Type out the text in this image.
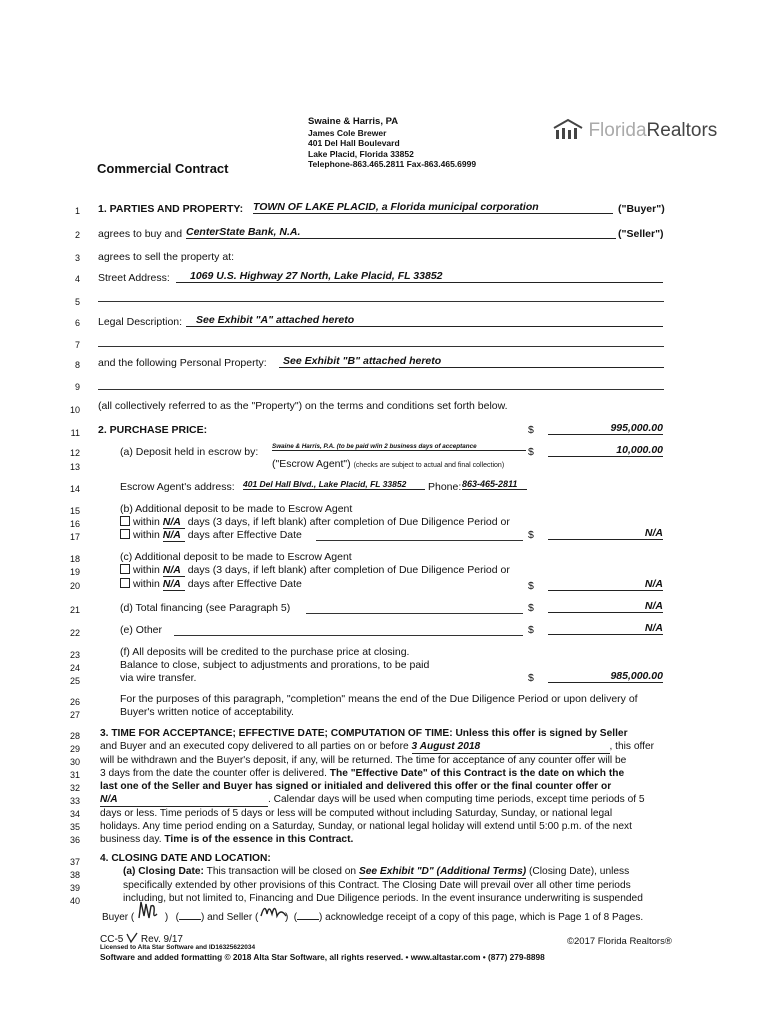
Swaine & Harris, PA
James Cole Brewer
401 Del Hall Boulevard
Lake Placid, Florida 33852
Telephone-863.465.2811 Fax-863.465.6999
FloridaRealtors
Commercial Contract
1
2
3
4
5
6
7
8
9
10
11
12
13
14
15
16
17
18
19
20
21
22
23
24
25
26
27
28
29
30
31
32
33
34
35
36
37
38
39
40
1. PARTIES AND PROPERTY: TOWN OF LAKE PLACID, a Florida municipal corporation	("Buyer")
agrees to buy and CenterState Bank, N.A.	("Seller")
agrees to sell the property at:
Street Address:	1069 U.S. Highway 27 North, Lake Placid, FL 33852
Legal Description:	See Exhibit "A" attached hereto
and the following Personal Property:	See Exhibit "B" attached hereto
(all collectively referred to as the "Property") on the terms and conditions set forth below.
2. PURCHASE PRICE:	$	995,000.00
(a) Deposit held in escrow by: Swaine & Harris, P.A. (to be paid w/in 2 business days of acceptance	$	10,000.00
("Escrow Agent") (checks are subject to actual and final collection)
Escrow Agent's address: 401 Del Hall Blvd., Lake Placid, FL 33852	Phone: 863-465-2811
(b) Additional deposit to be made to Escrow Agent
within N/A days (3 days, if left blank) after completion of Due Diligence Period or
within N/A days after Effective Date	$	N/A
(c) Additional deposit to be made to Escrow Agent
within N/A days (3 days, if left blank) after completion of Due Diligence Period or
within N/A days after Effective Date	$	N/A
(d) Total financing (see Paragraph 5)	$	N/A
(e) Other	$	N/A
(f) All deposits will be credited to the purchase price at closing.
Balance to close, subject to adjustments and prorations, to be paid
via wire transfer.	$	985,000.00
For the purposes of this paragraph, "completion" means the end of the Due Diligence Period or upon delivery of
Buyer's written notice of acceptability.
3. TIME FOR ACCEPTANCE; EFFECTIVE DATE; COMPUTATION OF TIME: Unless this offer is signed by Seller
and Buyer and an executed copy delivered to all parties on or before 3 August 2018	, this offer
will be withdrawn and the Buyer's deposit, if any, will be returned. The time for acceptance of any counter offer will be
3 days from the date the counter offer is delivered. The "Effective Date" of this Contract is the date on which the
last one of the Seller and Buyer has signed or initialed and delivered this offer or the final counter offer or
N/A	. Calendar days will be used when computing time periods, except time periods of 5
days or less. Time periods of 5 days or less will be computed without including Saturday, Sunday, or national legal
holidays. Any time period ending on a Saturday, Sunday, or national legal holiday will extend until 5:00 p.m. of the next
business day. Time is of the essence in this Contract.
4. CLOSING DATE AND LOCATION:
(a) Closing Date: This transaction will be closed on See Exhibit "D" (Additional Terms) (Closing Date), unless
specifically extended by other provisions of this Contract. The Closing Date will prevail over all other time periods
including, but not limited to, Financing and Due Diligence periods. In the event insurance underwriting is suspended
Buyer (	) ( ) and Seller (	) ( ) acknowledge receipt of a copy of this page, which is Page 1 of 8 Pages.
CC-5 Rev. 9/17	©2017 Florida Realtors®
Licensed to Alta Star Software and ID16325622034
Software and added formatting © 2018 Alta Star Software, all rights reserved. • www.altastar.com • (877) 279-8898
